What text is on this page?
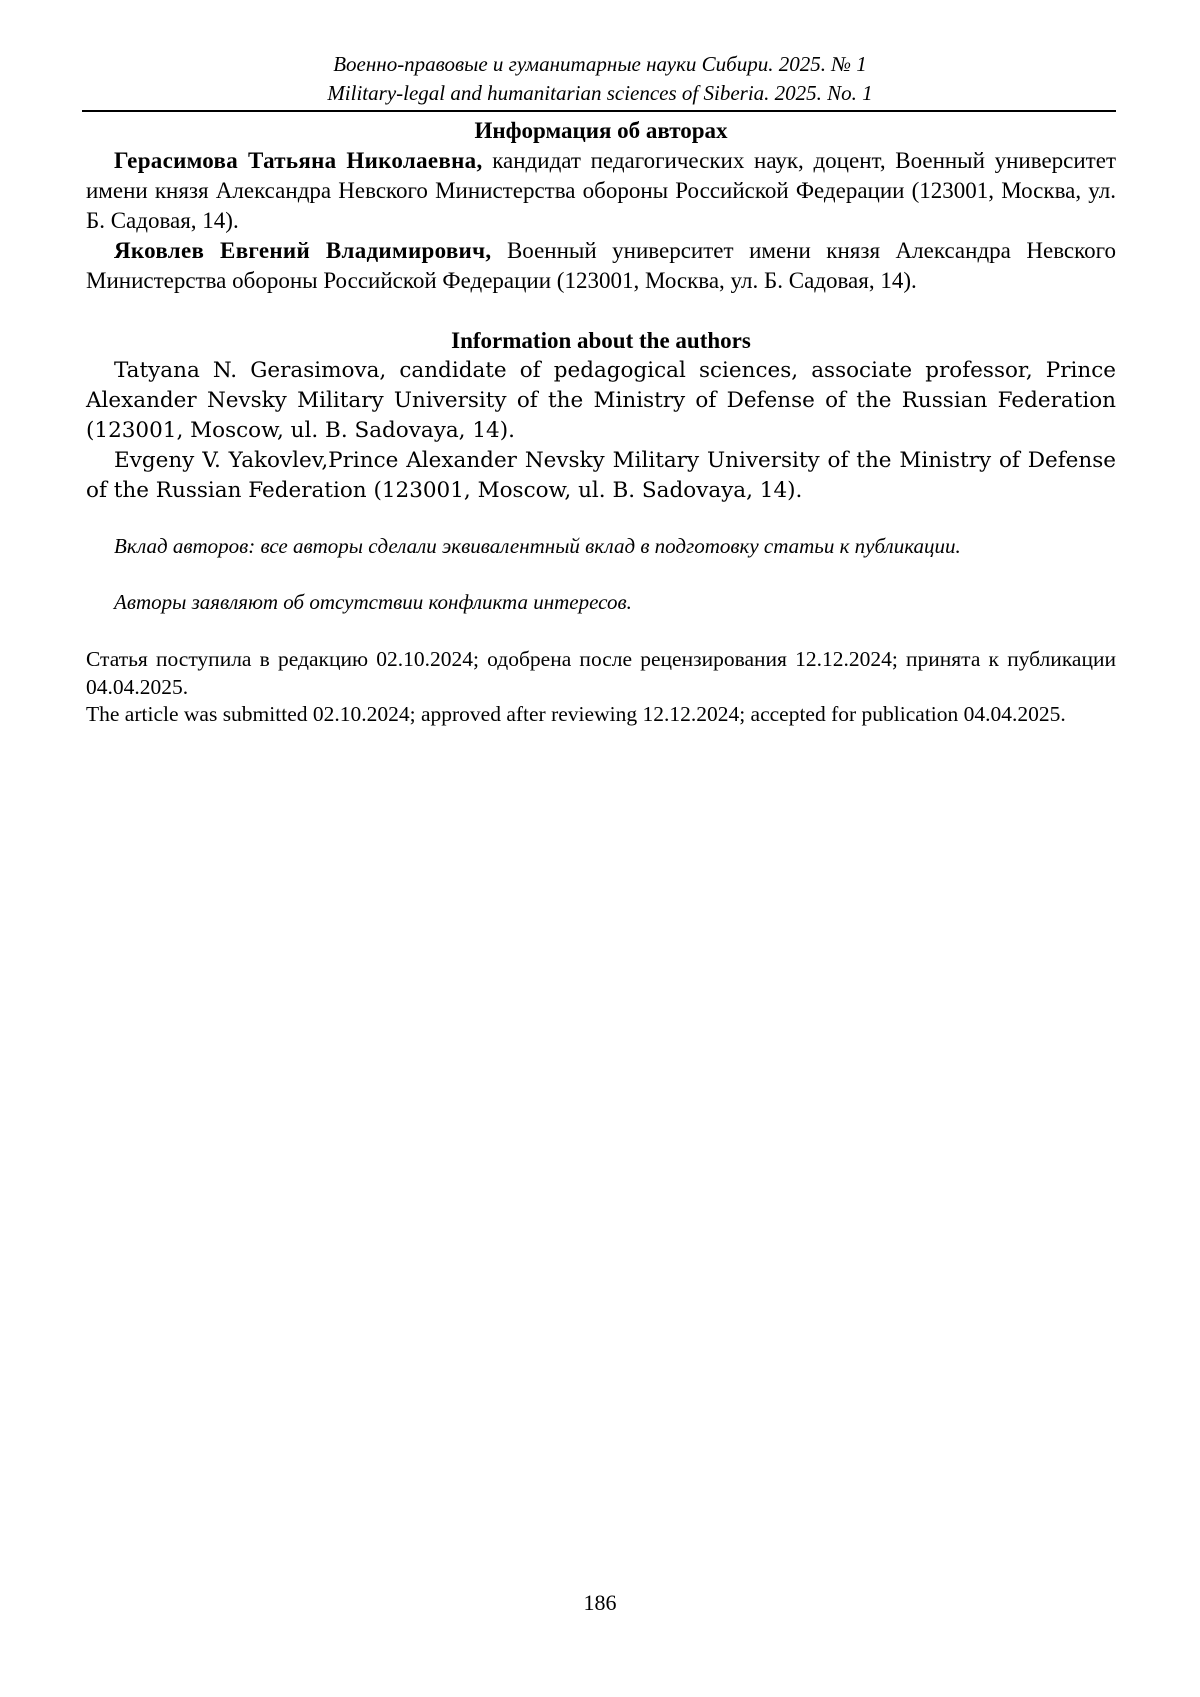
Военно-правовые и гуманитарные науки Сибири. 2025. № 1
Military-legal and humanitarian sciences of Siberia. 2025. No. 1

Информация об авторах

Герасимова Татьяна Николаевна, кандидат педагогических наук, доцент, Военный университет имени князя Александра Невского Министерства обороны Российской Федерации (123001, Москва, ул. Б. Садовая, 14).

Яковлев Евгений Владимирович, Военный университет имени князя Александра Невского Министерства обороны Российской Федерации (123001, Москва, ул. Б. Садовая, 14).

Information about the authors

Tatyana N. Gerasimova, candidate of pedagogical sciences, associate professor, Prince Alexander Nevsky Military University of the Ministry of Defense of the Russian Federation (123001, Moscow, ul. B. Sadovaya, 14).

Evgeny V. Yakovlev,Prince Alexander Nevsky Military University of the Ministry of Defense of the Russian Federation (123001, Moscow, ul. B. Sadovaya, 14).

Вклад авторов: все авторы сделали эквивалентный вклад в подготовку статьи к публикации.

Авторы заявляют об отсутствии конфликта интересов.

Статья поступила в редакцию 02.10.2024; одобрена после рецензирования 12.12.2024; принята к публикации 04.04.2025.

The article was submitted 02.10.2024; approved after reviewing 12.12.2024; accepted for publication 04.04.2025.

186
